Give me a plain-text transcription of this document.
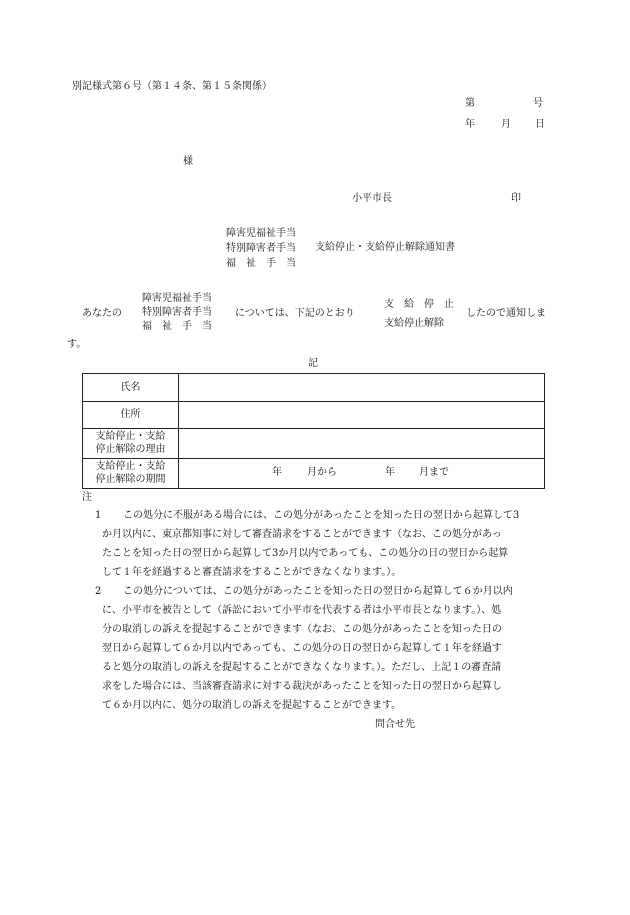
別記様式第６号（第１４条、第１５条関係）
第	号
年	月 日
様
小平市長	印
障害児福祉手当
特別障害者手当
福　祉　手　当
支給停止・支給停止解除通知書
あなたの
障害児福祉手当
特別障害者手当
福　祉　手　当
については、下記のとおり
支　給　停　止
支給停止解除
したので通知しま
す。
記
氏名
住所
支給停止・支給
停止解除の理由
支給停止・支給
停止解除の期間
年	月から	年 月まで
注
1	　この処分に不服がある場合には、この処分があったことを知った日の翌日から起算して3
か月以内に、東京都知事に対して審査請求をすることができます（なお、この処分があっ
たことを知った日の翌日から起算して3か月以内であっても、この処分の日の翌日から起算
して１年を経過すると審査請求をすることができなくなります。）。
2	　この処分については、この処分があったことを知った日の翌日から起算して６か月以内
に、小平市を被告として（訴訟において小平市を代表する者は小平市長となります。）、処
分の取消しの訴えを提起することができます（なお、この処分があったことを知った日の
翌日から起算して６か月以内であっても、この処分の日の翌日から起算して１年を経過す
ると処分の取消しの訴えを提起することができなくなります。）。ただし、上記１の審査請
求をした場合には、当該審査請求に対する裁決があったことを知った日の翌日から起算し
て６か月以内に、処分の取消しの訴えを提起することができます。
問合せ先
